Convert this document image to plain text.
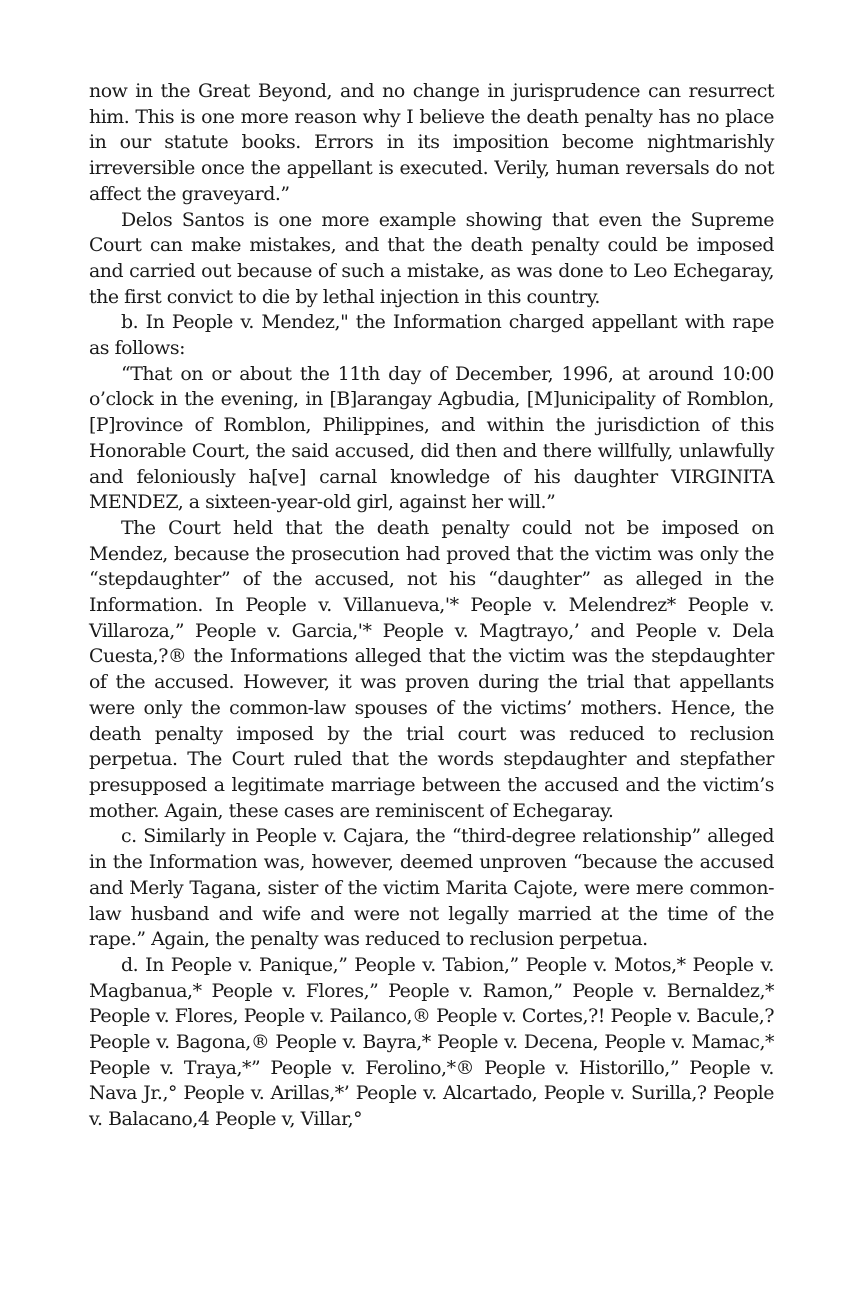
now in the Great Beyond, and no change in jurisprudence can resurrect him. This is one more reason why I believe the death penalty has no place in our statute books. Errors in its imposition become nightmarishly irreversible once the appellant is executed. Verily, human reversals do not affect the graveyard.”

Delos Santos is one more example showing that even the Supreme Court can make mistakes, and that the death penalty could be imposed and carried out because of such a mistake, as was done to Leo Echegaray, the first convict to die by lethal injection in this country.

b. In People v. Mendez," the Information charged appellant with rape as follows:

“That on or about the 11th day of December, 1996, at around 10:00 o’clock in the evening, in [B]arangay Agbudia, [M]unicipality of Romblon, [P]rovince of Romblon, Philippines, and within the jurisdiction of this Honorable Court, the said accused, did then and there willfully, unlawfully and feloniously ha[ve] carnal knowledge of his daughter VIRGINITA MENDEZ, a sixteen-year-old girl, against her will.”

The Court held that the death penalty could not be imposed on Mendez, because the prosecution had proved that the victim was only the “stepdaughter” of the accused, not his “daughter” as alleged in the Information. In People v. Villanueva,'* People v. Melendrez* People v. Villaroza,” People v. Garcia,'* People v. Magtrayo,’ and People v. Dela Cuesta,?® the Informations alleged that the victim was the stepdaughter of the accused. However, it was proven during the trial that appellants were only the common-law spouses of the victims’ mothers. Hence, the death penalty imposed by the trial court was reduced to reclusion perpetua. The Court ruled that the words stepdaughter and stepfather presupposed a legitimate marriage between the accused and the victim’s mother. Again, these cases are reminiscent of Echegaray.

c. Similarly in People v. Cajara, the “third-degree relationship” alleged in the Information was, however, deemed unproven “because the accused and Merly Tagana, sister of the victim Marita Cajote, were mere common-law husband and wife and were not legally married at the time of the rape.” Again, the penalty was reduced to reclusion perpetua.

d. In People v. Panique,” People v. Tabion,” People v. Motos,* People v. Magbanua,* People v. Flores,” People v. Ramon,” People v. Bernaldez,* People v. Flores, People v. Pailanco,® People v. Cortes,?! People v. Bacule,? People v. Bagona,® People v. Bayra,* People v. Decena, People v. Mamac,* People v. Traya,*” People v. Ferolino,*® People v. Historillo,” People v. Nava Jr.,° People v. Arillas,*’ People v. Alcartado, People v. Surilla,? People v. Balacano,4 People v, Villar,°
